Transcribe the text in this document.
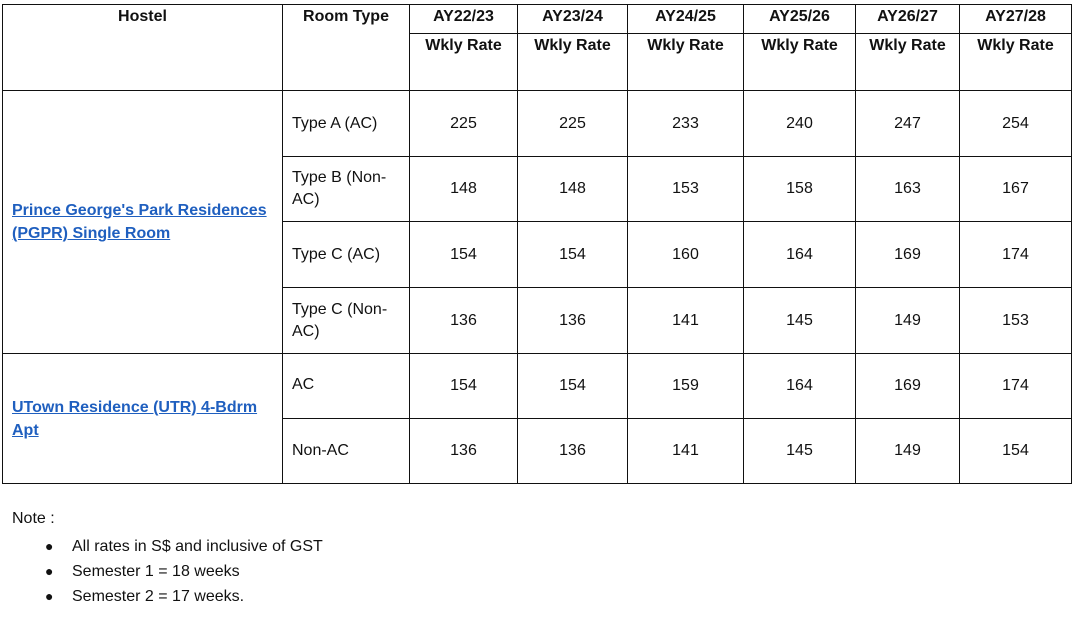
Hostel	Room Type	AY22/23	AY23/24	AY24/25	AY25/26	AY26/27	AY27/28
		Wkly Rate	Wkly Rate	Wkly Rate	Wkly Rate	Wkly Rate	Wkly Rate
Prince George's Park Residences (PGPR) Single Room	Type A (AC)	225	225	233	240	247	254
	Type B (Non-AC)	148	148	153	158	163	167
	Type C (AC)	154	154	160	164	169	174
	Type C (Non-AC)	136	136	141	145	149	153
UTown Residence (UTR) 4-Bdrm Apt	AC	154	154	159	164	169	174
	Non-AC	136	136	141	145	149	154
Note :
● All rates in S$ and inclusive of GST
● Semester 1 = 18 weeks
● Semester 2 = 17 weeks.
